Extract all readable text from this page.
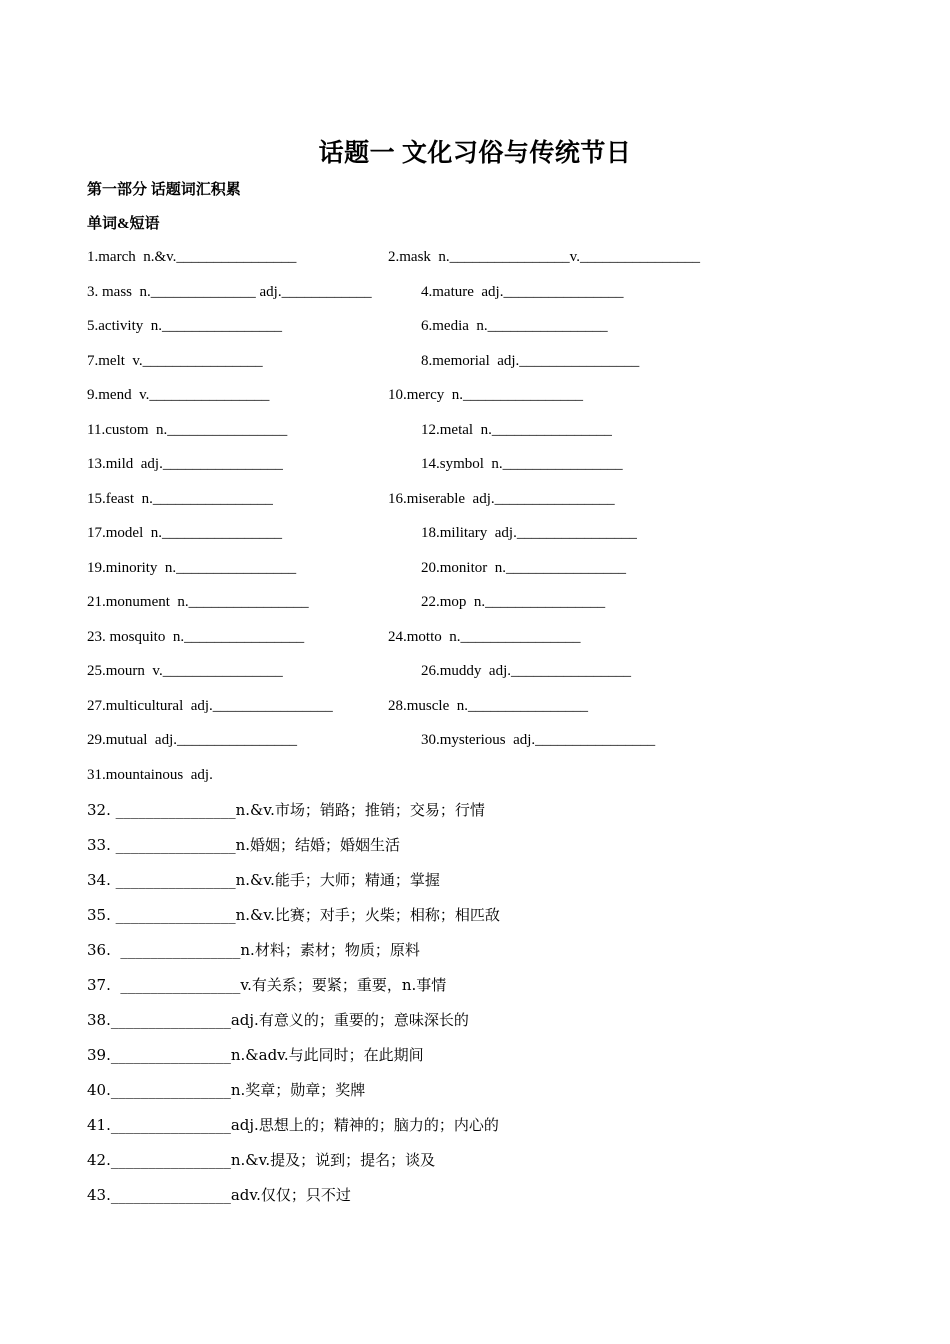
话题一 文化习俗与传统节日
第一部分 话题词汇积累
单词&短语
1.march  n.&v.________________	2.mask  n.________________v.________________
3. mass  n.______________ adj.____________	4.mature  adj.________________
5.activity  n.________________	6.media  n.________________
7.melt  v.________________	8.memorial  adj.________________
9.mend  v.________________	10.mercy  n.________________
11.custom  n.________________	12.metal  n.________________
13.mild  adj.________________	14.symbol  n.________________
15.feast  n.________________	16.miserable  adj.________________
17.model  n.________________	18.military  adj.________________
19.minority  n.________________	20.monitor  n.________________
21.monument  n.________________	22.mop  n.________________
23. mosquito  n.________________	24.motto  n.________________
25.mourn  v.________________	26.muddy  adj.________________
27.multicultural  adj.________________	28.muscle  n.________________
29.mutual  adj.________________	30.mysterious  adj.________________
31.mountainous  adj.
32. ________________n.&v.市场；销路；推销；交易；行情
33. ________________n.婚姻；结婚；婚姻生活
34. ________________n.&v.能手；大师；精通；掌握
35. ________________n.&v.比赛；对手；火柴；相称；相匹敌
36.  ________________n.材料；素材；物质；原料
37.  ________________v.有关系；要紧；重要，n.事情
38.________________adj.有意义的；重要的；意味深长的
39.________________n.&adv.与此同时；在此期间
40.________________n.奖章；勋章；奖牌
41.________________adj.思想上的；精神的；脑力的；内心的
42.________________n.&v.提及；说到；提名；谈及
43.________________adv.仅仅；只不过
